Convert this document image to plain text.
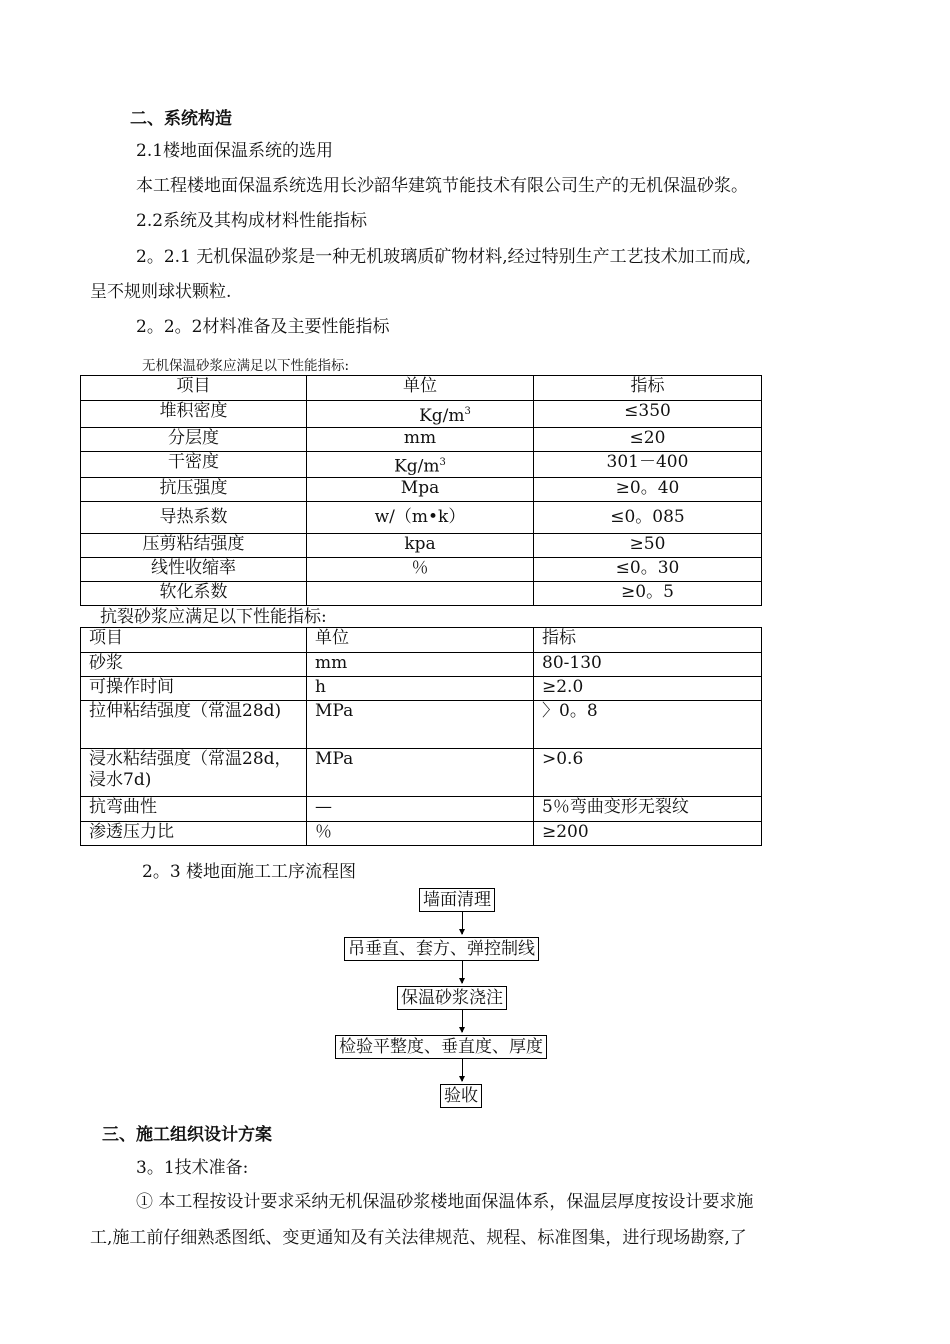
二、系统构造
2.1楼地面保温系统的选用
本工程楼地面保温系统选用长沙韶华建筑节能技术有限公司生产的无机保温砂浆。
2.2系统及其构成材料性能指标
2。2.1 无机保温砂浆是一种无机玻璃质矿物材料,经过特别生产工艺技术加工而成,
呈不规则球状颗粒.
2。2。2材料准备及主要性能指标
无机保温砂浆应满足以下性能指标:
项目	单位	指标
堆积密度	$Kg/m^3$	≤350
分层度	mm	≤20
干密度	$Kg/m^3$	301－400
抗压强度	Mpa	≥0。40
导热系数	w/（m•k）	≤0。085
压剪粘结强度	kpa	≥50
线性收缩率	％	≤0。30
软化系数		≥0。5
抗裂砂浆应满足以下性能指标:
项目	单位	指标
砂浆	mm	80-130
可操作时间	h	≥2.0
拉伸粘结强度（常温28d)	MPa	〉0。8
浸水粘结强度（常温28d，浸水7d)	MPa	>0.6
抗弯曲性	—	5％弯曲变形无裂纹
渗透压力比	％	≥200
2。3 楼地面施工工序流程图
墙面清理
吊垂直、套方、弹控制线
保温砂浆浇注
检验平整度、垂直度、厚度
验收
三、施工组织设计方案
3。1技术准备:
① 本工程按设计要求采纳无机保温砂浆楼地面保温体系，保温层厚度按设计要求施
工,施工前仔细熟悉图纸、变更通知及有关法律规范、规程、标准图集，进行现场勘察,了
